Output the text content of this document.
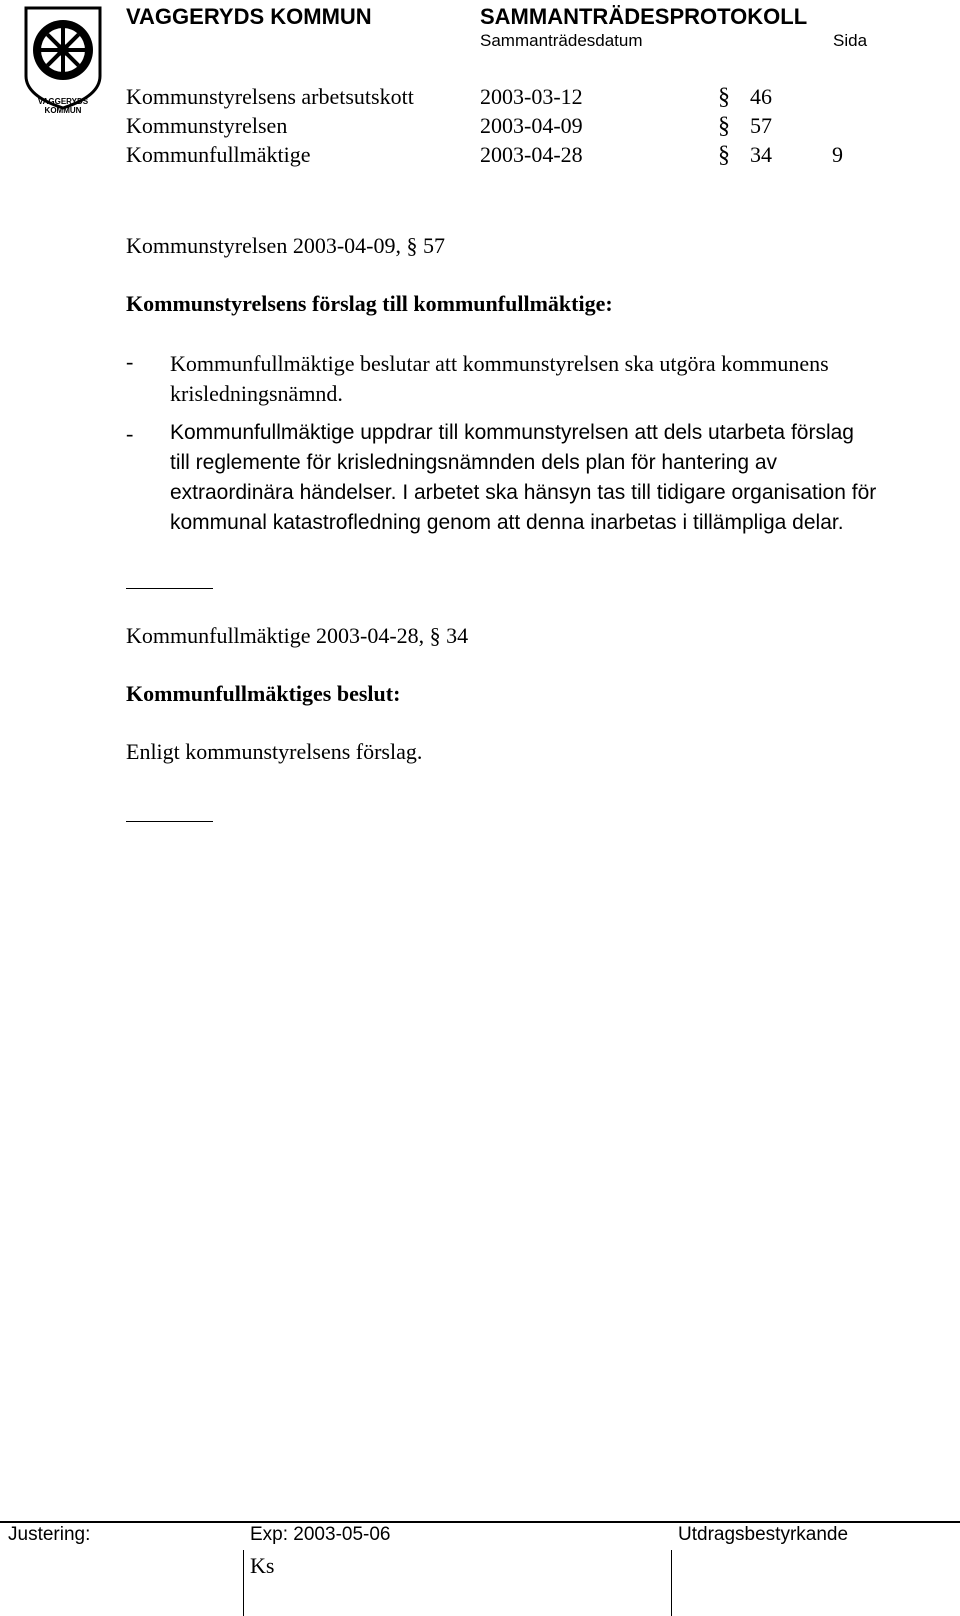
VAGGERYDS
KOMMUN
VAGGERYDS KOMMUN	SAMMANTRÄDESPROTOKOLL
Sammanträdesdatum	Sida
Kommunstyrelsens arbetsutskott	2003-03-12	§ 46
Kommunstyrelsen	2003-04-09	§ 57
Kommunfullmäktige	2003-04-28	§ 34	9
Kommunstyrelsen 2003-04-09, § 57
Kommunstyrelsens förslag till kommunfullmäktige:
- Kommunfullmäktige beslutar att kommunstyrelsen ska utgöra kommunens
krisledningsnämnd.
- Kommunfullmäktige uppdrar till kommunstyrelsen att dels utarbeta förslag
till reglemente för krisledningsnämnden dels plan för hantering av
extraordinära händelser. I arbetet ska hänsyn tas till tidigare organisation för
kommunal katastrofledning genom att denna inarbetas i tillämpliga delar.
Kommunfullmäktige 2003-04-28, § 34
Kommunfullmäktiges beslut:
Enligt kommunstyrelsens förslag.
Justering:	Exp: 2003-05-06	Utdragsbestyrkande
Ks
